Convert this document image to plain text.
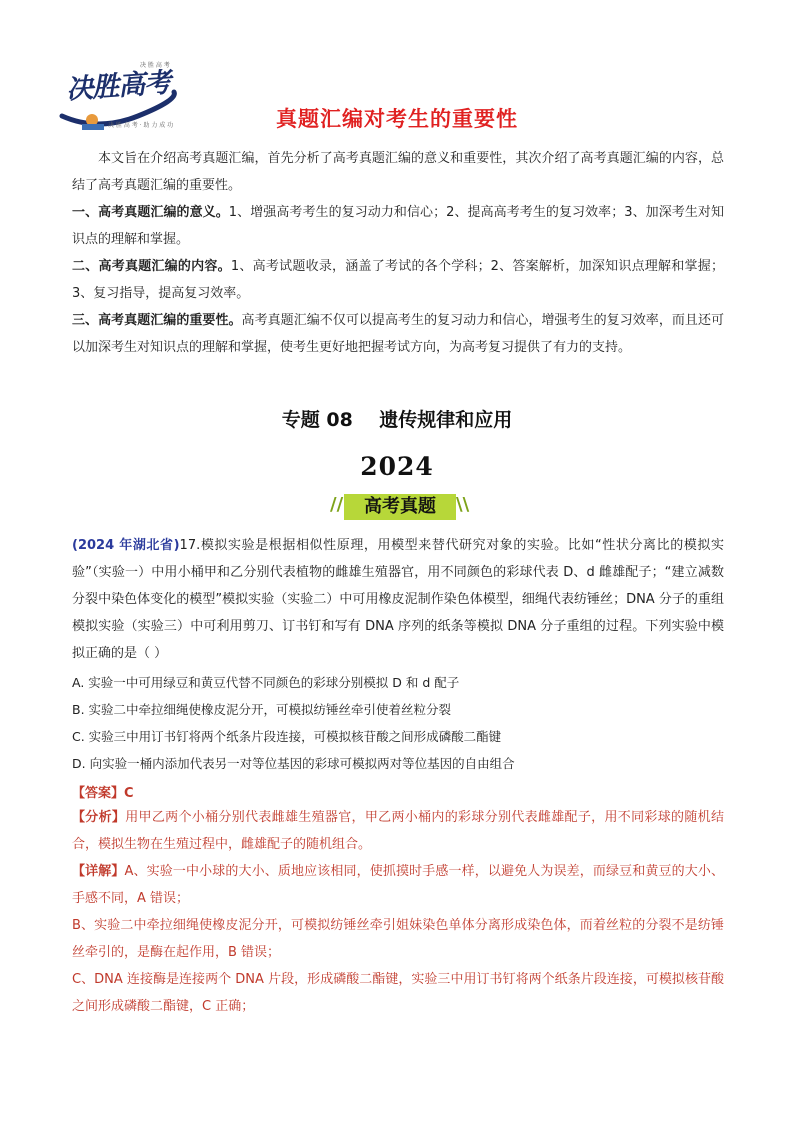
决 胜 高 考
决胜高考
决 胜 高 考 · 助 力 成 功	真题汇编对考生的重要性
本文旨在介绍高考真题汇编，首先分析了高考真题汇编的意义和重要性，其次介绍了高考真题汇编的内容，总结了高考真题汇编的重要性。
一、高考真题汇编的意义。1、增强高考考生的复习动力和信心；2、提高高考考生的复习效率；3、加深考生对知识点的理解和掌握。
二、高考真题汇编的内容。1、高考试题收录，涵盖了考试的各个学科；2、答案解析，加深知识点理解和掌握；3、复习指导，提高复习效率。
三、高考真题汇编的重要性。高考真题汇编不仅可以提高考生的复习动力和信心，增强考生的复习效率，而且还可以加深考生对知识点的理解和掌握，使考生更好地把握考试方向，为高考复习提供了有力的支持。
专题 08    遗传规律和应用
2024
//	\\
高考真题
(2024 年湖北省)17.模拟实验是根据相似性原理，用模型来替代研究对象的实验。比如“性状分离比的模拟实验”（实验一）中用小桶甲和乙分别代表植物的雌雄生殖器官，用不同颜色的彩球代表 D、d 雌雄配子；“建立减数分裂中染色体变化的模型”模拟实验（实验二）中可用橡皮泥制作染色体模型，细绳代表纺锤丝；DNA 分子的重组模拟实验（实验三）中可利用剪刀、订书钉和写有 DNA 序列的纸条等模拟 DNA 分子重组的过程。下列实验中模拟正确的是（ ）
A. 实验一中可用绿豆和黄豆代替不同颜色的彩球分别模拟 D 和 d 配子
B. 实验二中牵拉细绳使橡皮泥分开，可模拟纺锤丝牵引使着丝粒分裂
C. 实验三中用订书钉将两个纸条片段连接，可模拟核苷酸之间形成磷酸二酯键
D. 向实验一桶内添加代表另一对等位基因的彩球可模拟两对等位基因的自由组合
【答案】C
【分析】用甲乙两个小桶分别代表雌雄生殖器官，甲乙两小桶内的彩球分别代表雌雄配子，用不同彩球的随机结合，模拟生物在生殖过程中，雌雄配子的随机组合。
【详解】A、实验一中小球的大小、质地应该相同，使抓摸时手感一样，以避免人为误差，而绿豆和黄豆的大小、手感不同，A 错误；
B、实验二中牵拉细绳使橡皮泥分开，可模拟纺锤丝牵引姐妹染色单体分离形成染色体，而着丝粒的分裂不是纺锤丝牵引的，是酶在起作用，B 错误；
C、DNA 连接酶是连接两个 DNA 片段，形成磷酸二酯键，实验三中用订书钉将两个纸条片段连接，可模拟核苷酸之间形成磷酸二酯键，C 正确；
